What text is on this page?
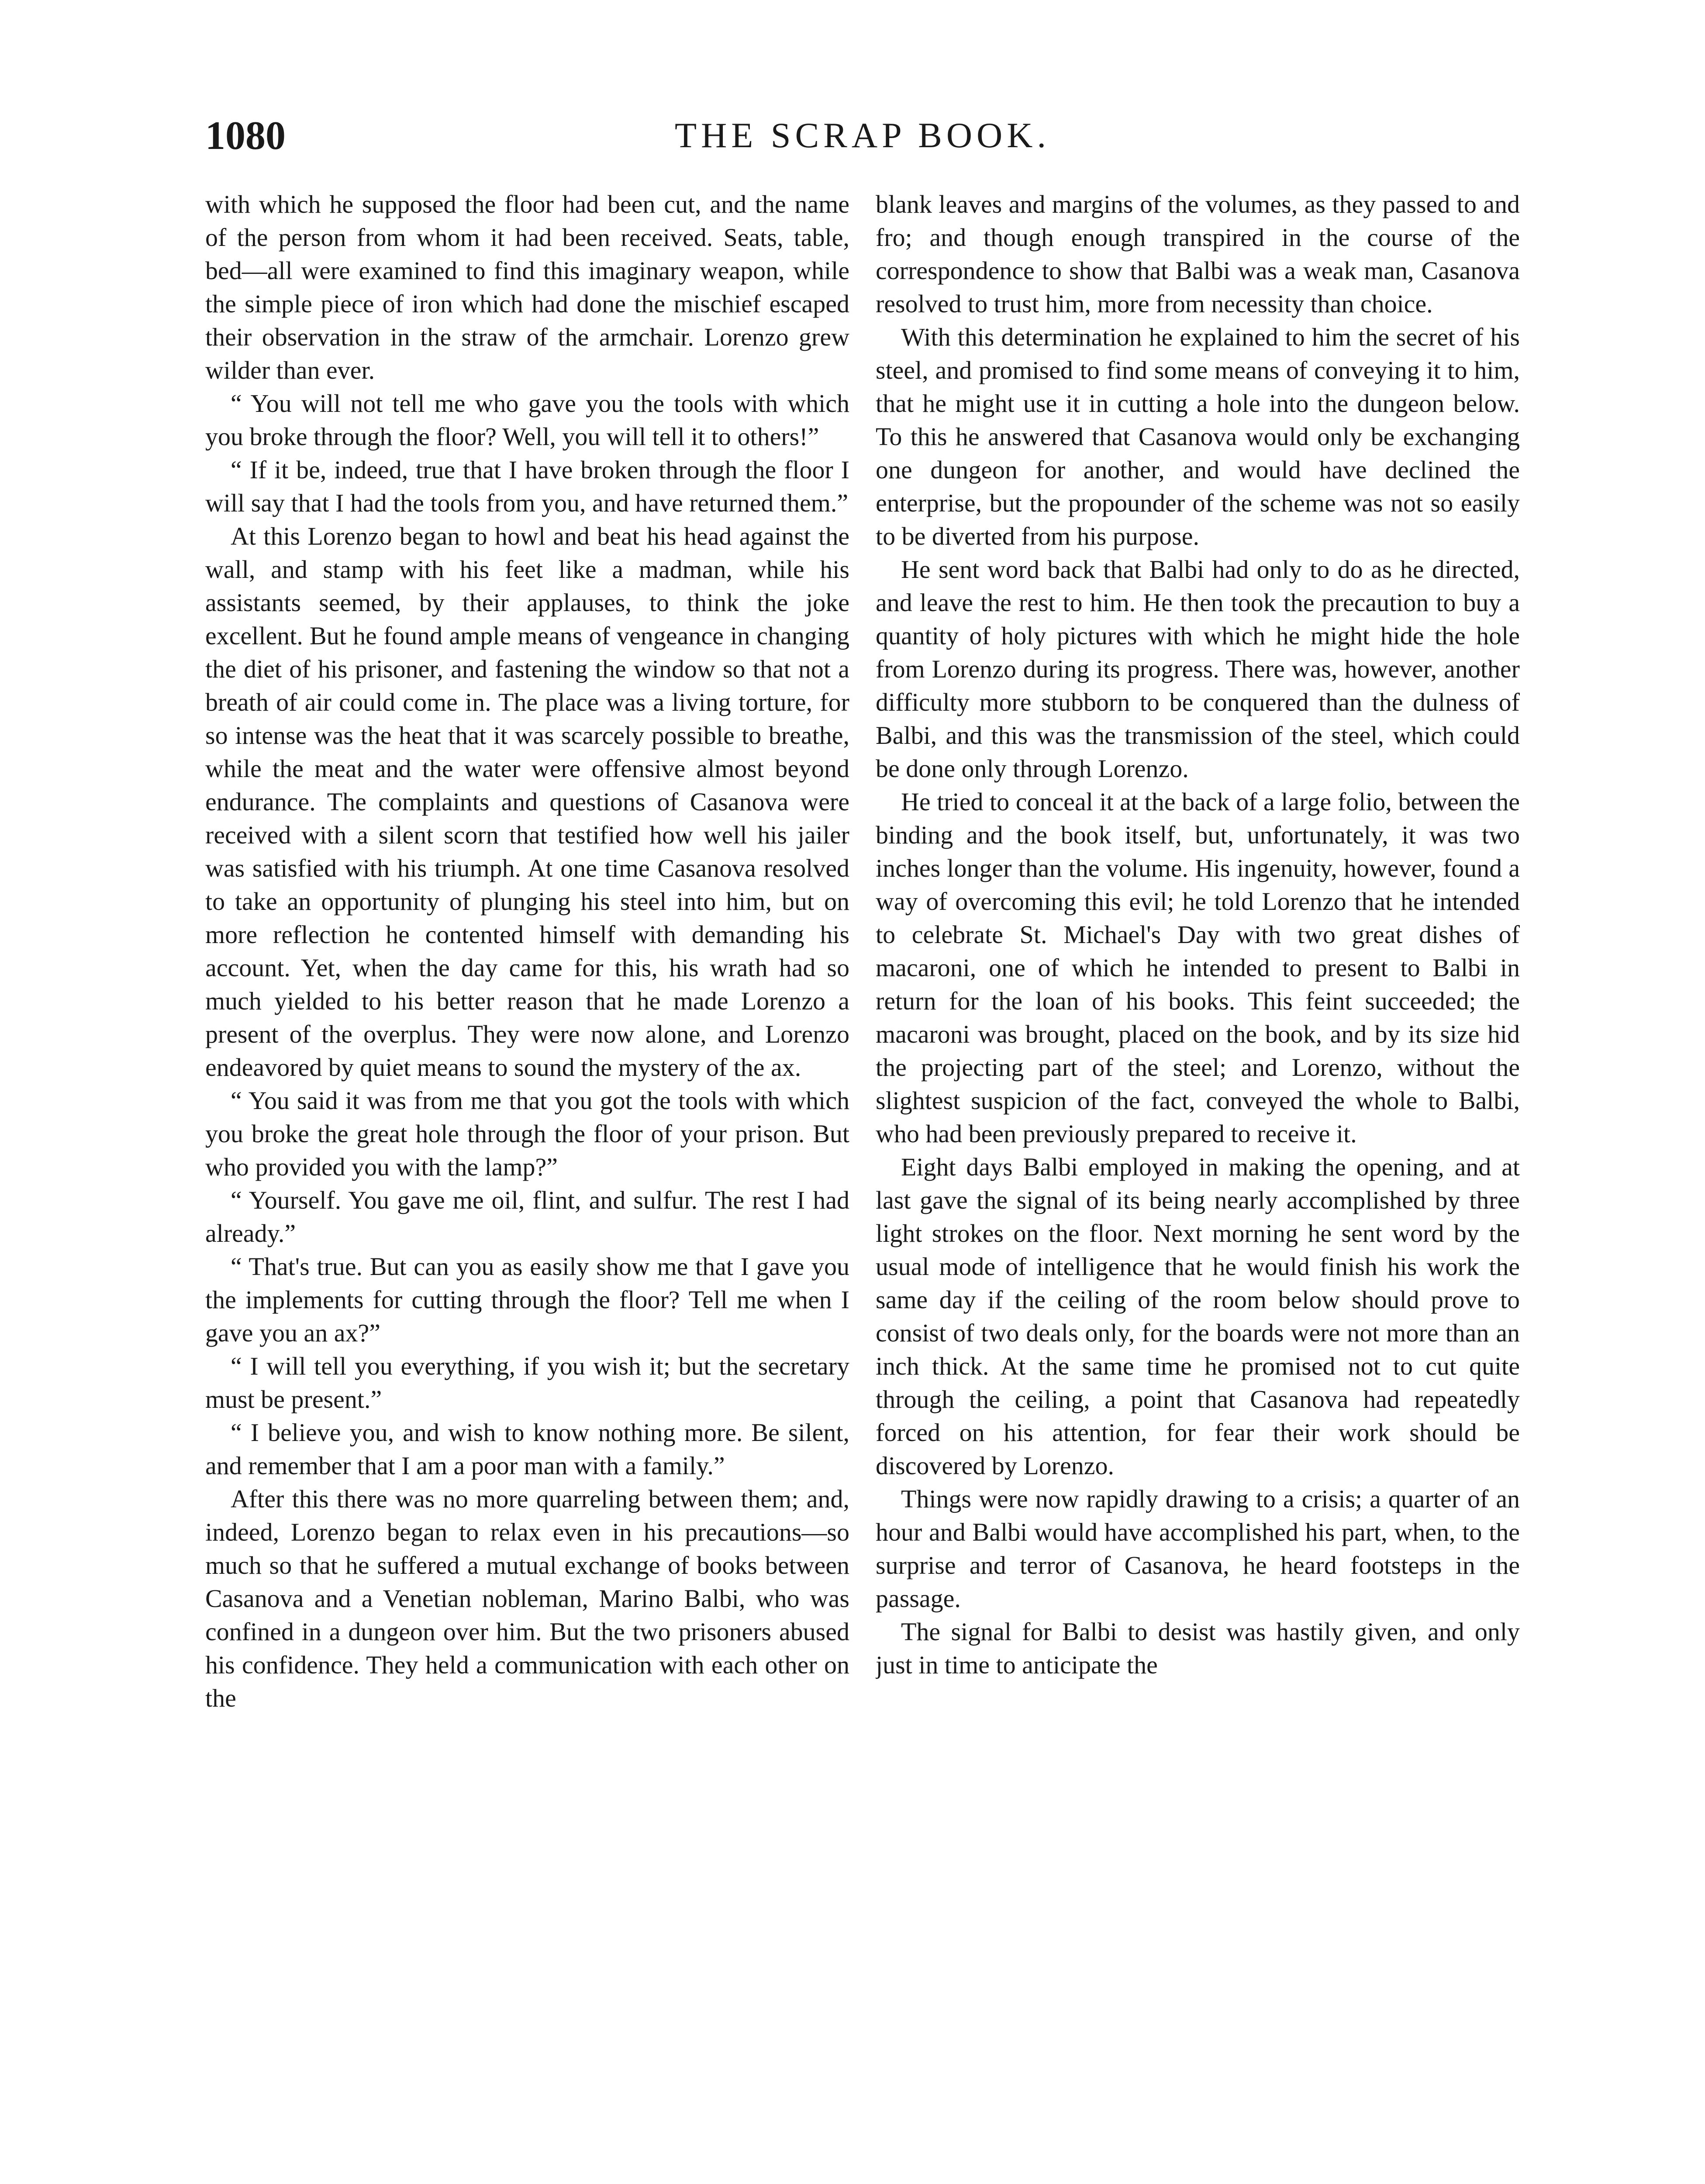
1080	THE SCRAP BOOK.

with which he supposed the floor had been cut, and the name of the person from whom it had been received. Seats, table, bed—all were examined to find this imaginary weapon, while the simple piece of iron which had done the mischief escaped their observation in the straw of the armchair. Lorenzo grew wilder than ever.

“ You will not tell me who gave you the tools with which you broke through the floor? Well, you will tell it to others!”

“ If it be, indeed, true that I have broken through the floor I will say that I had the tools from you, and have returned them.”

At this Lorenzo began to howl and beat his head against the wall, and stamp with his feet like a madman, while his assistants seemed, by their applauses, to think the joke excellent. But he found ample means of vengeance in changing the diet of his prisoner, and fastening the window so that not a breath of air could come in. The place was a living torture, for so intense was the heat that it was scarcely possible to breathe, while the meat and the water were offensive almost beyond endurance. The complaints and questions of Casanova were received with a silent scorn that testified how well his jailer was satisfied with his triumph. At one time Casanova resolved to take an opportunity of plunging his steel into him, but on more reflection he contented himself with demanding his account. Yet, when the day came for this, his wrath had so much yielded to his better reason that he made Lorenzo a present of the overplus. They were now alone, and Lorenzo endeavored by quiet means to sound the mystery of the ax.

“ You said it was from me that you got the tools with which you broke the great hole through the floor of your prison. But who provided you with the lamp?”

“ Yourself. You gave me oil, flint, and sulfur. The rest I had already.”

“ That's true. But can you as easily show me that I gave you the implements for cutting through the floor? Tell me when I gave you an ax?”

“ I will tell you everything, if you wish it; but the secretary must be present.”

“ I believe you, and wish to know nothing more. Be silent, and remember that I am a poor man with a family.”

After this there was no more quarreling between them; and, indeed, Lorenzo began to relax even in his precautions—so much so that he suffered a mutual exchange of books between Casanova and a Venetian nobleman, Marino Balbi, who was confined in a dungeon over him. But the two prisoners abused his confidence. They held a communication with each other on the

blank leaves and margins of the volumes, as they passed to and fro; and though enough transpired in the course of the correspondence to show that Balbi was a weak man, Casanova resolved to trust him, more from necessity than choice.

With this determination he explained to him the secret of his steel, and promised to find some means of conveying it to him, that he might use it in cutting a hole into the dungeon below. To this he answered that Casanova would only be exchanging one dungeon for another, and would have declined the enterprise, but the propounder of the scheme was not so easily to be diverted from his purpose.

He sent word back that Balbi had only to do as he directed, and leave the rest to him. He then took the precaution to buy a quantity of holy pictures with which he might hide the hole from Lorenzo during its progress. There was, however, another difficulty more stubborn to be conquered than the dulness of Balbi, and this was the transmission of the steel, which could be done only through Lorenzo.

He tried to conceal it at the back of a large folio, between the binding and the book itself, but, unfortunately, it was two inches longer than the volume. His ingenuity, however, found a way of overcoming this evil; he told Lorenzo that he intended to celebrate St. Michael's Day with two great dishes of macaroni, one of which he intended to present to Balbi in return for the loan of his books. This feint succeeded; the macaroni was brought, placed on the book, and by its size hid the projecting part of the steel; and Lorenzo, without the slightest suspicion of the fact, conveyed the whole to Balbi, who had been previously prepared to receive it.

Eight days Balbi employed in making the opening, and at last gave the signal of its being nearly accomplished by three light strokes on the floor. Next morning he sent word by the usual mode of intelligence that he would finish his work the same day if the ceiling of the room below should prove to consist of two deals only, for the boards were not more than an inch thick. At the same time he promised not to cut quite through the ceiling, a point that Casanova had repeatedly forced on his attention, for fear their work should be discovered by Lorenzo.

Things were now rapidly drawing to a crisis; a quarter of an hour and Balbi would have accomplished his part, when, to the surprise and terror of Casanova, he heard footsteps in the passage.

The signal for Balbi to desist was hastily given, and only just in time to anticipate the
